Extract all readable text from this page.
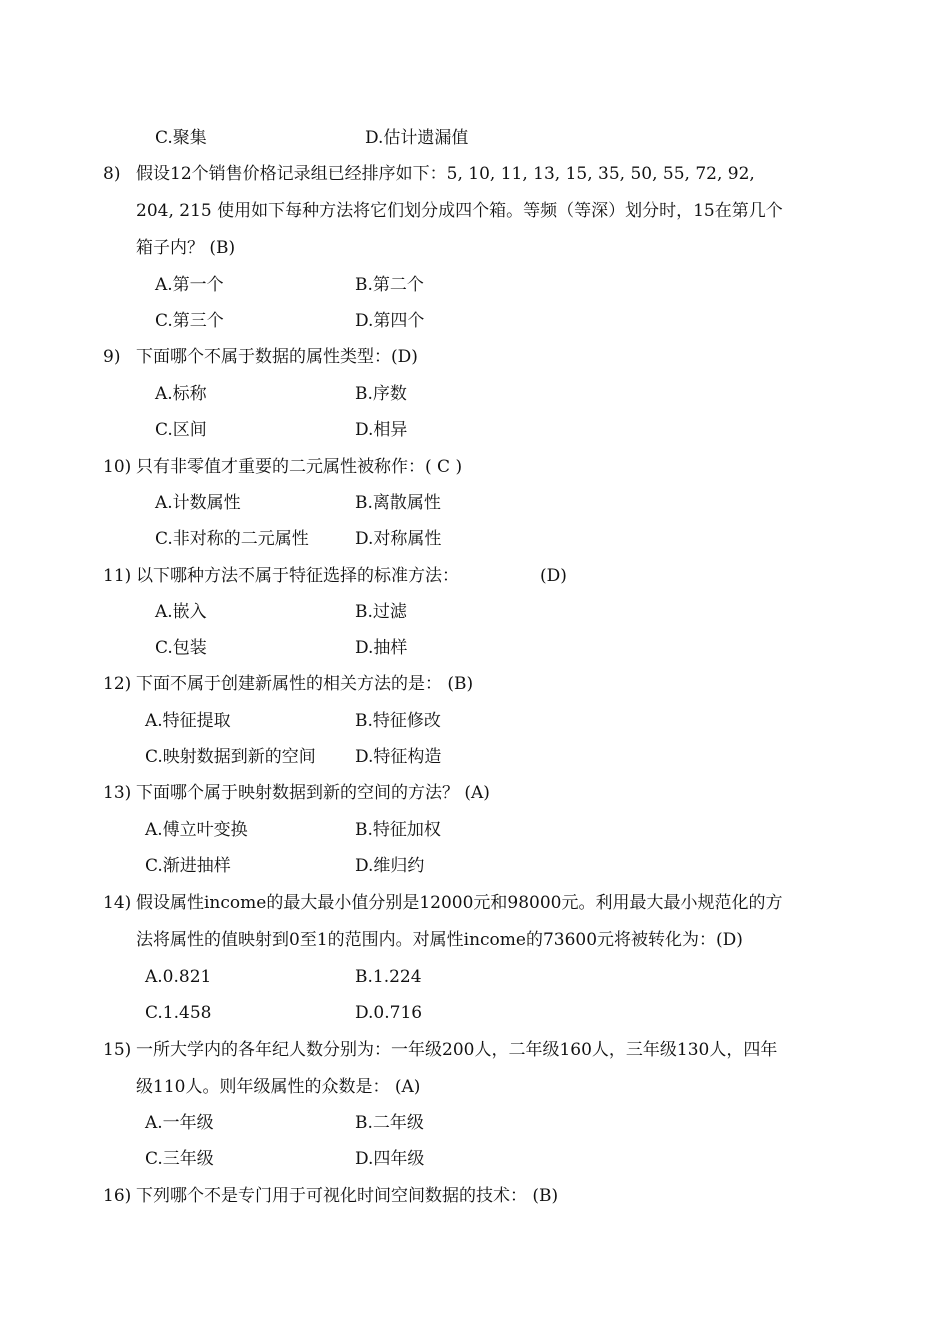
C.聚集	D.估计遗漏值
8) 假设12个销售价格记录组已经排序如下：5, 10, 11, 13, 15, 35, 50, 55, 72, 92,
204, 215 使用如下每种方法将它们划分成四个箱。等频（等深）划分时，15在第几个
箱子内？ (B)
A.第一个	B.第二个
C.第三个	D.第四个
9) 下面哪个不属于数据的属性类型：(D)
A.标称	B.序数
C.区间	D.相异
10) 只有非零值才重要的二元属性被称作：( C )
A.计数属性	B.离散属性
C.非对称的二元属性	D.对称属性
11) 以下哪种方法不属于特征选择的标准方法：	(D)
A.嵌入	B.过滤
C.包装	D.抽样
12) 下面不属于创建新属性的相关方法的是： (B)
A.特征提取	B.特征修改
C.映射数据到新的空间 D.特征构造
13) 下面哪个属于映射数据到新的空间的方法？ (A)
A.傅立叶变换	B.特征加权
C.渐进抽样	D.维归约
14) 假设属性income的最大最小值分别是12000元和98000元。利用最大最小规范化的方
法将属性的值映射到0至1的范围内。对属性income的73600元将被转化为：(D)
A.0.821	B.1.224
C.1.458	D.0.716
15) 一所大学内的各年纪人数分别为：一年级200人，二年级160人，三年级130人，四年
级110人。则年级属性的众数是： (A)
A.一年级	B.二年级
C.三年级	D.四年级
16) 下列哪个不是专门用于可视化时间空间数据的技术： (B)
